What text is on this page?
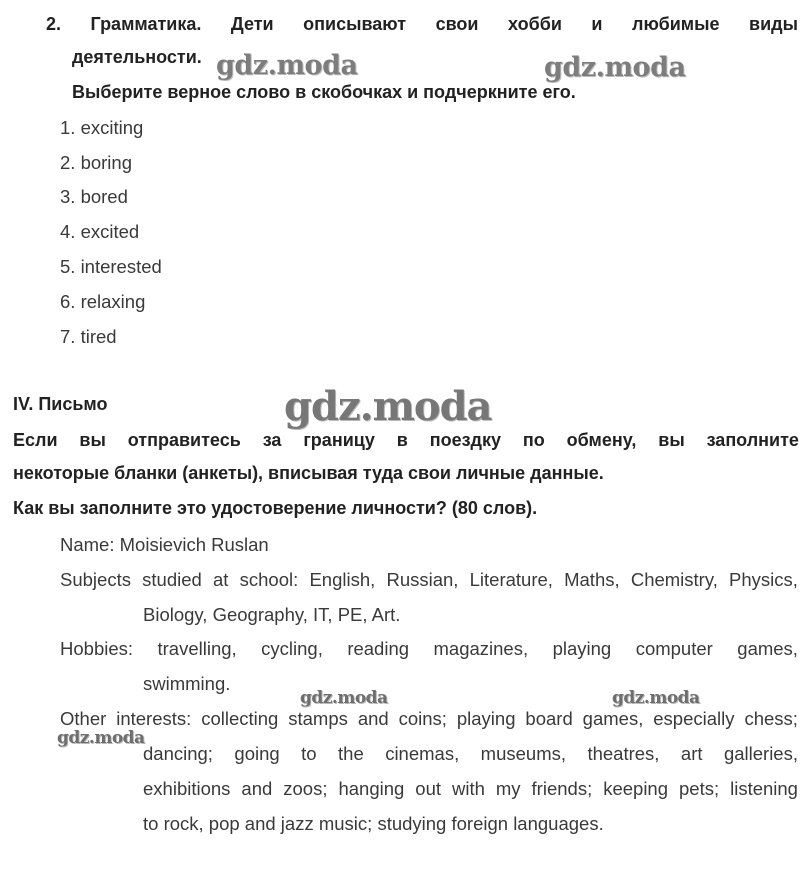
2. Грамматика. Дети описывают свои хобби и любимые виды
деятельности.
Выберите верное слово в скобочках и подчеркните его.
1. exciting
2. boring
3. bored
4. excited
5. interested
6. relaxing
7. tired
IV. Письмо
Если вы отправитесь за границу в поездку по обмену, вы заполните
некоторые бланки (анкеты), вписывая туда свои личные данные.
Как вы заполните это удостоверение личности? (80 слов).
Name: Moisievich Ruslan
Subjects studied at school: English, Russian, Literature, Maths, Chemistry, Physics,
Biology, Geography, IT, PE, Art.
Hobbies: travelling, cycling, reading magazines, playing computer games,
swimming.
Other interests: collecting stamps and coins; playing board games, especially chess;
dancing; going to the cinemas, museums, theatres, art galleries,
exhibitions and zoos; hanging out with my friends; keeping pets; listening
to rock, pop and jazz music; studying foreign languages.
gdz.moda	gdz.moda
gdz.moda
gdz.moda	gdz.moda
gdz.moda
